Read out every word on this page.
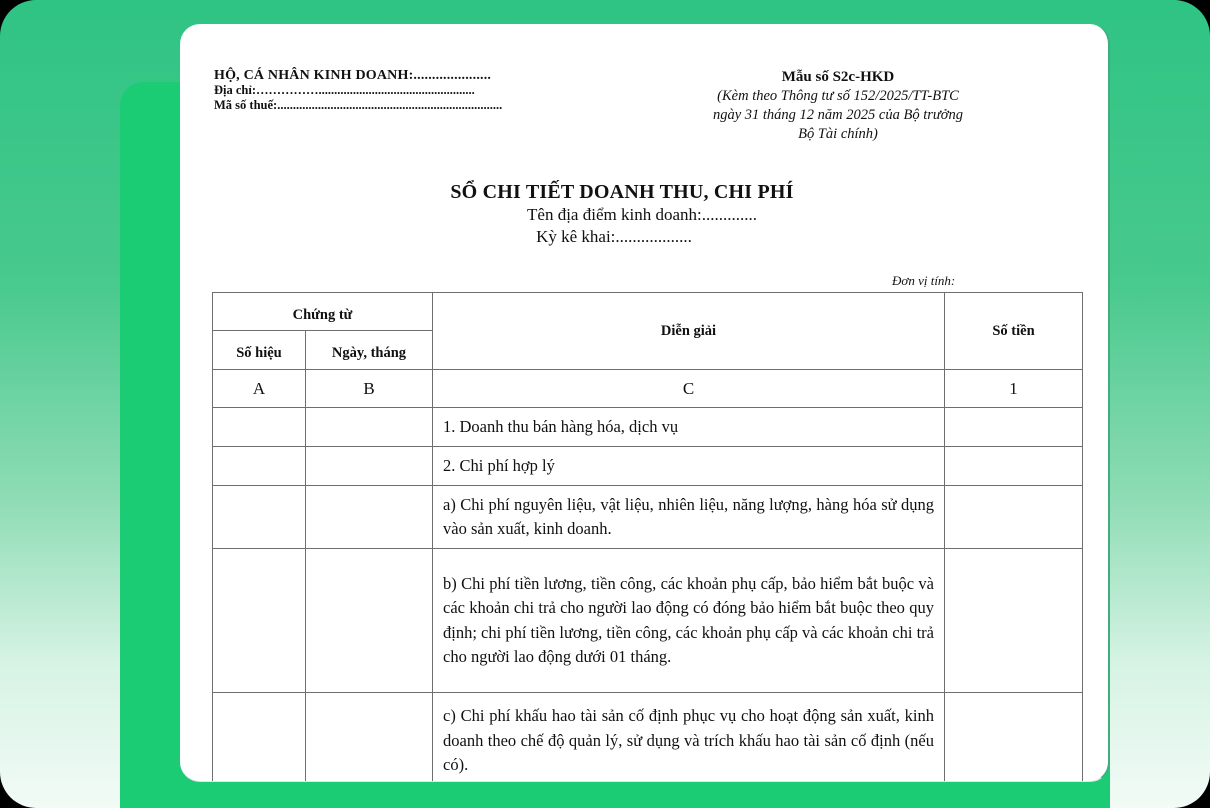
HỘ, CÁ NHÂN KINH DOANH:.....................
Địa chỉ:……………..................................................
Mã số thuế:........................................................................
Mẫu số S2c-HKD
(Kèm theo Thông tư số 152/2025/TT-BTC
ngày 31 tháng 12 năm 2025 của Bộ trưởng
Bộ Tài chính)
SỔ CHI TIẾT DOANH THU, CHI PHÍ
Tên địa điểm kinh doanh:.............
Kỳ kê khai:..................
Đơn vị tính:
Chứng từ		Diễn giải	Số tiền
Số hiệu	Ngày, tháng		
A	B	C	1
		1. Doanh thu bán hàng hóa, dịch vụ	
		2. Chi phí hợp lý	
		a) Chi phí nguyên liệu, vật liệu, nhiên liệu, năng lượng, hàng hóa sử dụng vào sản xuất, kinh doanh.	
		b) Chi phí tiền lương, tiền công, các khoản phụ cấp, bảo hiểm bắt buộc và các khoản chi trả cho người lao động có đóng bảo hiểm bắt buộc theo quy định; chi phí tiền lương, tiền công, các khoản phụ cấp và các khoản chi trả cho người lao động dưới 01 tháng.	
		c) Chi phí khấu hao tài sản cố định phục vụ cho hoạt động sản xuất, kinh doanh theo chế độ quản lý, sử dụng và trích khấu hao tài sản cố định (nếu có).	
